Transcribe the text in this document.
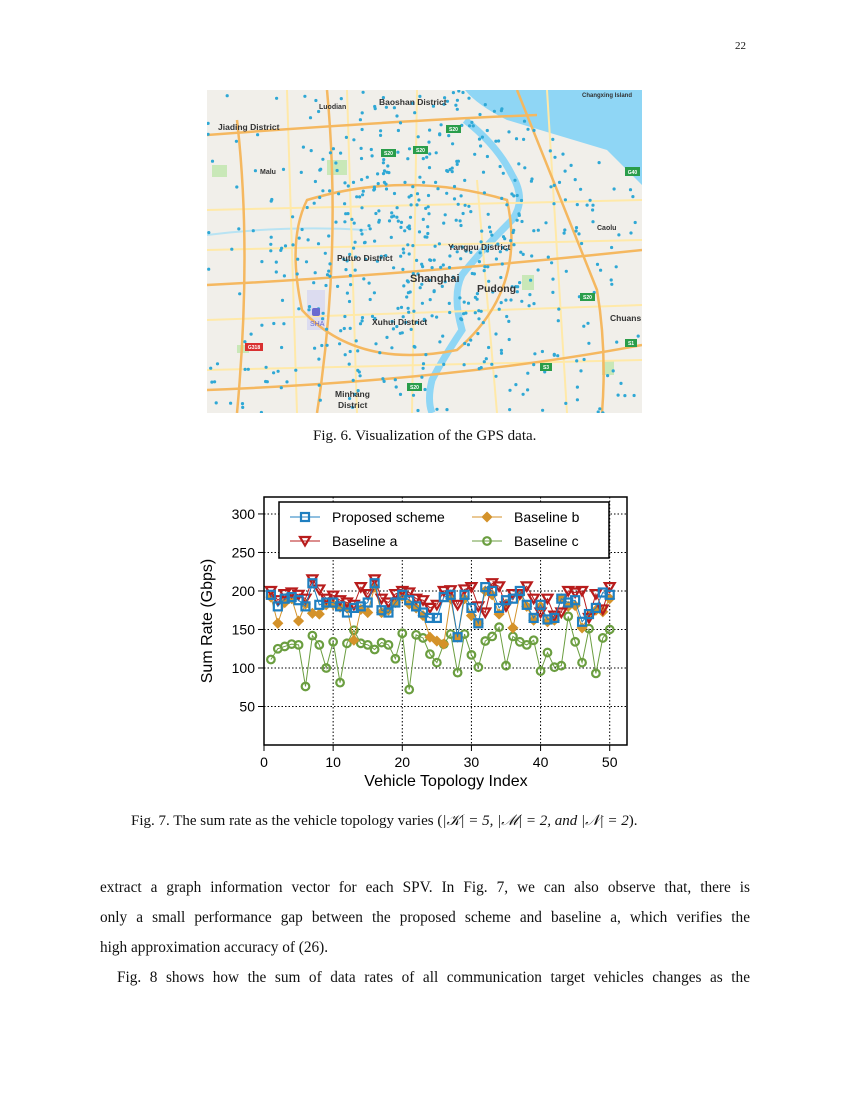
22
S20
S20
S20
G40
S20
G318
S1
S3
S20
Luodian
Baoshan District
Changxing Island
Jiading District
Malu
Caolu
Yangpu District
Putuo District
Shanghai
Pudong
SHA	Xuhui District	Chuans
Minhang
District
Fig. 6. Visualization of the GPS data.
50
100
150
200
250
300
0	10	20	30	40	50
Vehicle Topology Index
Sum Rate (Gbps)
Proposed scheme
Baseline a
Baseline b
Baseline c
Fig. 7. The sum rate as the vehicle topology varies (|𝒦| = 5, |ℳ| = 2, and |𝒩| = 2).
extract a graph information vector for each SPV. In Fig. 7, we can also observe that, there is
only a small performance gap between the proposed scheme and baseline a, which verifies the
high approximation accuracy of (26).
Fig. 8 shows how the sum of data rates of all communication target vehicles changes as the
